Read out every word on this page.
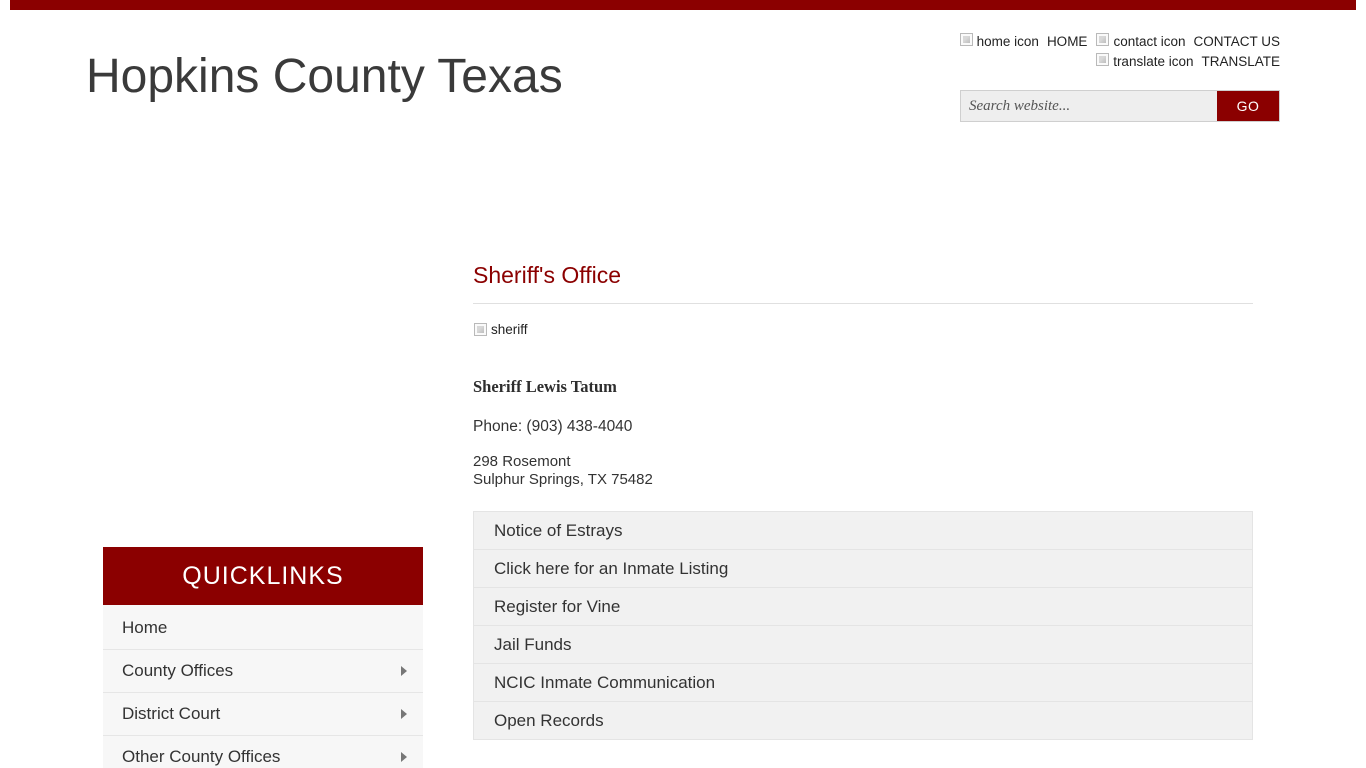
Hopkins County Texas
home icon HOME contact icon CONTACT US
translate icon TRANSLATE
Search website...
GO
QUICKLINKS
Home
County Offices
District Court
Other County Offices
Sheriff's Office
sheriff
Sheriff Lewis Tatum
Phone: (903) 438-4040
298 Rosemont
Sulphur Springs, TX 75482
Notice of Estrays
Click here for an Inmate Listing
Register for Vine
Jail Funds
NCIC Inmate Communication
Open Records
